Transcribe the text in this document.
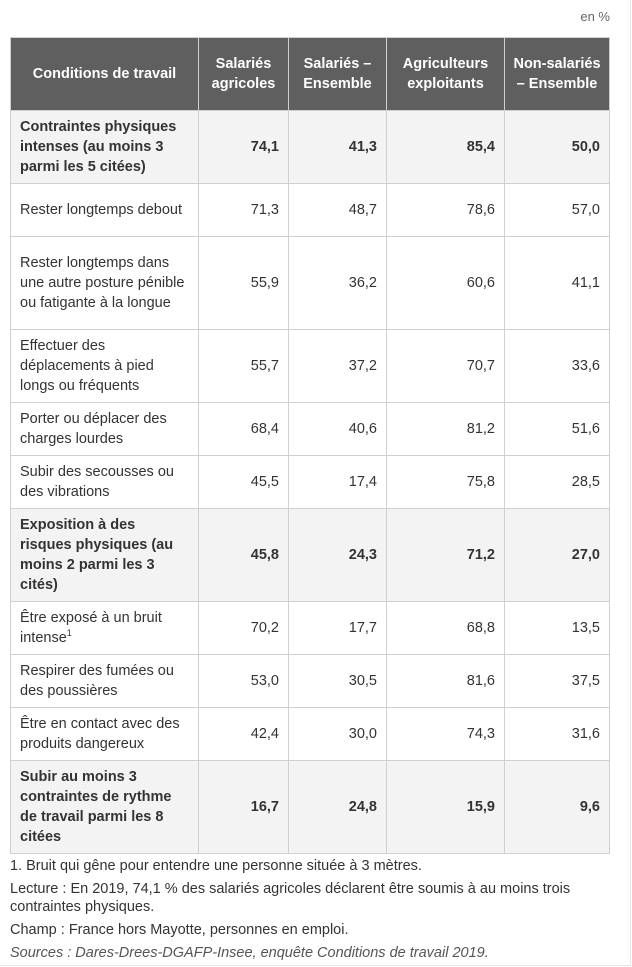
en %
Conditions de travail	Salariés agricoles	Salariés – Ensemble	Agriculteurs exploitants	Non-salariés – Ensemble
Contraintes physiques intenses (au moins 3 parmi les 5 citées)	74,1	41,3	85,4	50,0
Rester longtemps debout	71,3	48,7	78,6	57,0
Rester longtemps dans une autre posture pénible ou fatigante à la longue	55,9	36,2	60,6	41,1
Effectuer des déplacements à pied longs ou fréquents	55,7	37,2	70,7	33,6
Porter ou déplacer des charges lourdes	68,4	40,6	81,2	51,6
Subir des secousses ou des vibrations	45,5	17,4	75,8	28,5
Exposition à des risques physiques (au moins 2 parmi les 3 cités)	45,8	24,3	71,2	27,0
Être exposé à un bruit intense$^1$	70,2	17,7	68,8	13,5
Respirer des fumées ou des poussières	53,0	30,5	81,6	37,5
Être en contact avec des produits dangereux	42,4	30,0	74,3	31,6
Subir au moins 3 contraintes de rythme de travail parmi les 8 citées	16,7	24,8	15,9	9,6

1. Bruit qui gêne pour entendre une personne située à 3 mètres.

Lecture : En 2019, 74,1 % des salariés agricoles déclarent être soumis à au moins trois contraintes physiques.

Champ : France hors Mayotte, personnes en emploi.

Sources : Dares-Drees-DGAFP-Insee, enquête Conditions de travail 2019.
